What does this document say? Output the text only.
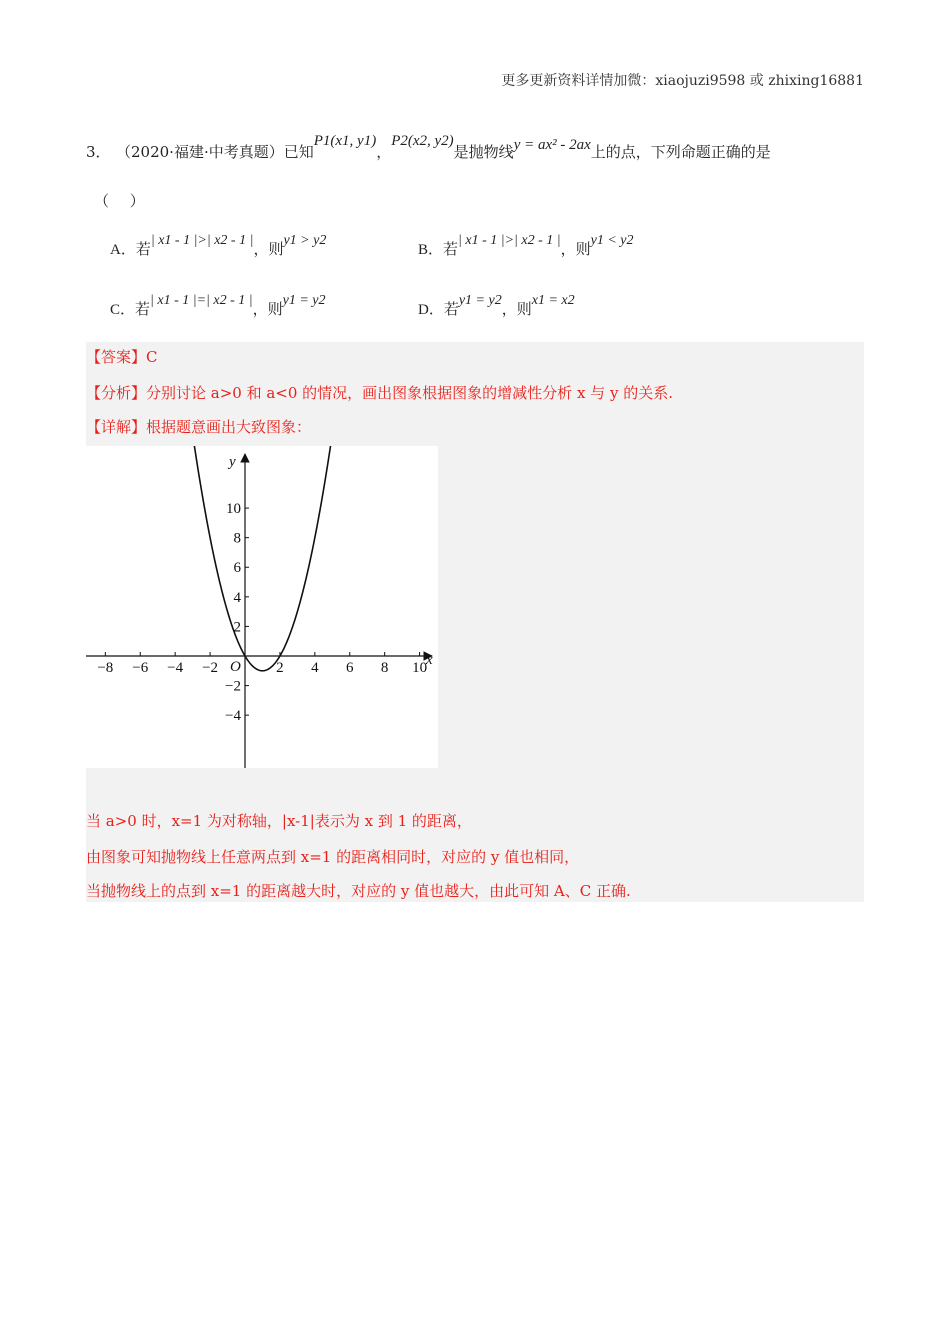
更多更新资料详情加微：xiaojuzi9598 或 zhixing16881
3． （2020·福建·中考真题）已知P1(x1, y1)，P2(x2, y2)是抛物线y = ax² - 2ax上的点，下列命题正确的是
（ ）
A．若| x1 - 1 |>| x2 - 1 |，则y1 > y2
B．若| x1 - 1 |>| x2 - 1 |，则y1 < y2
C．若| x1 - 1 |=| x2 - 1 |，则y1 = y2
D．若y1 = y2，则x1 = x2
【答案】C
【分析】分别讨论 a>0 和 a<0 的情况，画出图象根据图象的增减性分析 x 与 y 的关系.
【详解】根据题意画出大致图象：
x
y
O
−8 −6 −4 −2	2 4 6 8 10
10
8
6
4
2
−2
−4
当 a>0 时，x=1 为对称轴，|x-1|表示为 x 到 1 的距离，
由图象可知抛物线上任意两点到 x=1 的距离相同时，对应的 y 值也相同，
当抛物线上的点到 x=1 的距离越大时，对应的 y 值也越大，由此可知 A、C 正确.
